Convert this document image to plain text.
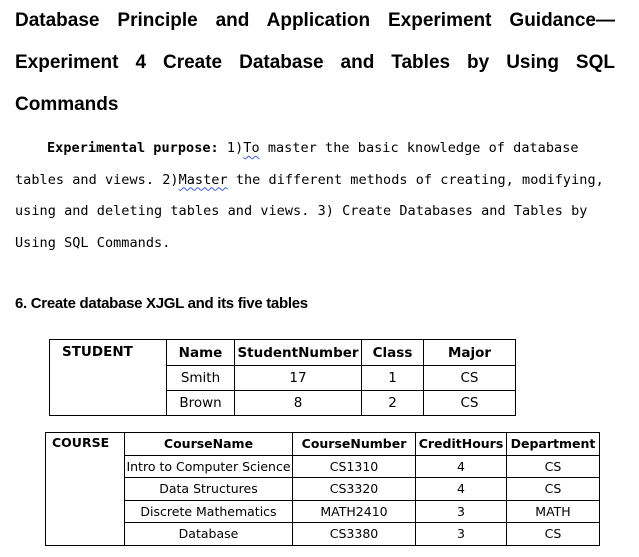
Database Principle and Application Experiment Guidance—
Experiment 4 Create Database and Tables by Using SQL
Commands
Experimental purpose: 1)To master the basic knowledge of database
tables and views. 2)Master the different methods of creating, modifying,
using and deleting tables and views. 3) Create Databases and Tables by
Using SQL Commands.
6. Create database XJGL and its five tables
STUDENT	Name	StudentNumber	Class	Major
	Smith	17	1	CS
	Brown	8	2	CS
COURSE	CourseName	CourseNumber	CreditHours	Department
	Intro to Computer Science	CS1310	4	CS
	Data Structures	CS3320	4	CS
	Discrete Mathematics	MATH2410	3	MATH
	Database	CS3380	3	CS
